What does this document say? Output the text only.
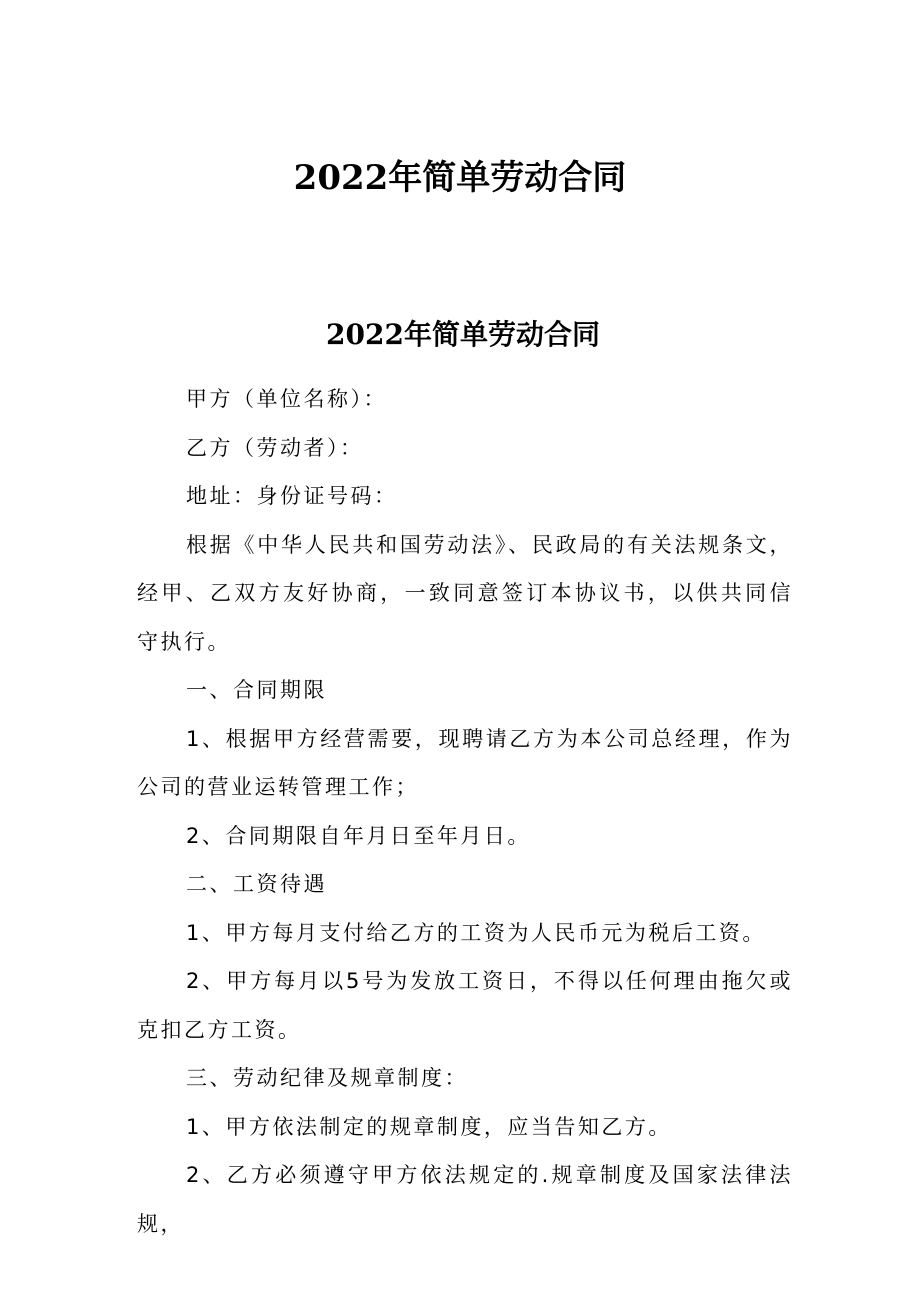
2022年简单劳动合同
2022年简单劳动合同

甲方（单位名称）：

乙方（劳动者）：

地址：身份证号码：

根据《中华人民共和国劳动法》、民政局的有关法规条文，经甲、乙双方友好协商，一致同意签订本协议书，以供共同信守执行。

一、合同期限

1、根据甲方经营需要，现聘请乙方为本公司总经理，作为公司的营业运转管理工作；

2、合同期限自年月日至年月日。

二、工资待遇

1、甲方每月支付给乙方的工资为人民币元为税后工资。

2、甲方每月以5号为发放工资日，不得以任何理由拖欠或克扣乙方工资。

三、劳动纪律及规章制度：

1、甲方依法制定的规章制度，应当告知乙方。

2、乙方必须遵守甲方依法规定的.规章制度及国家法律法规，
